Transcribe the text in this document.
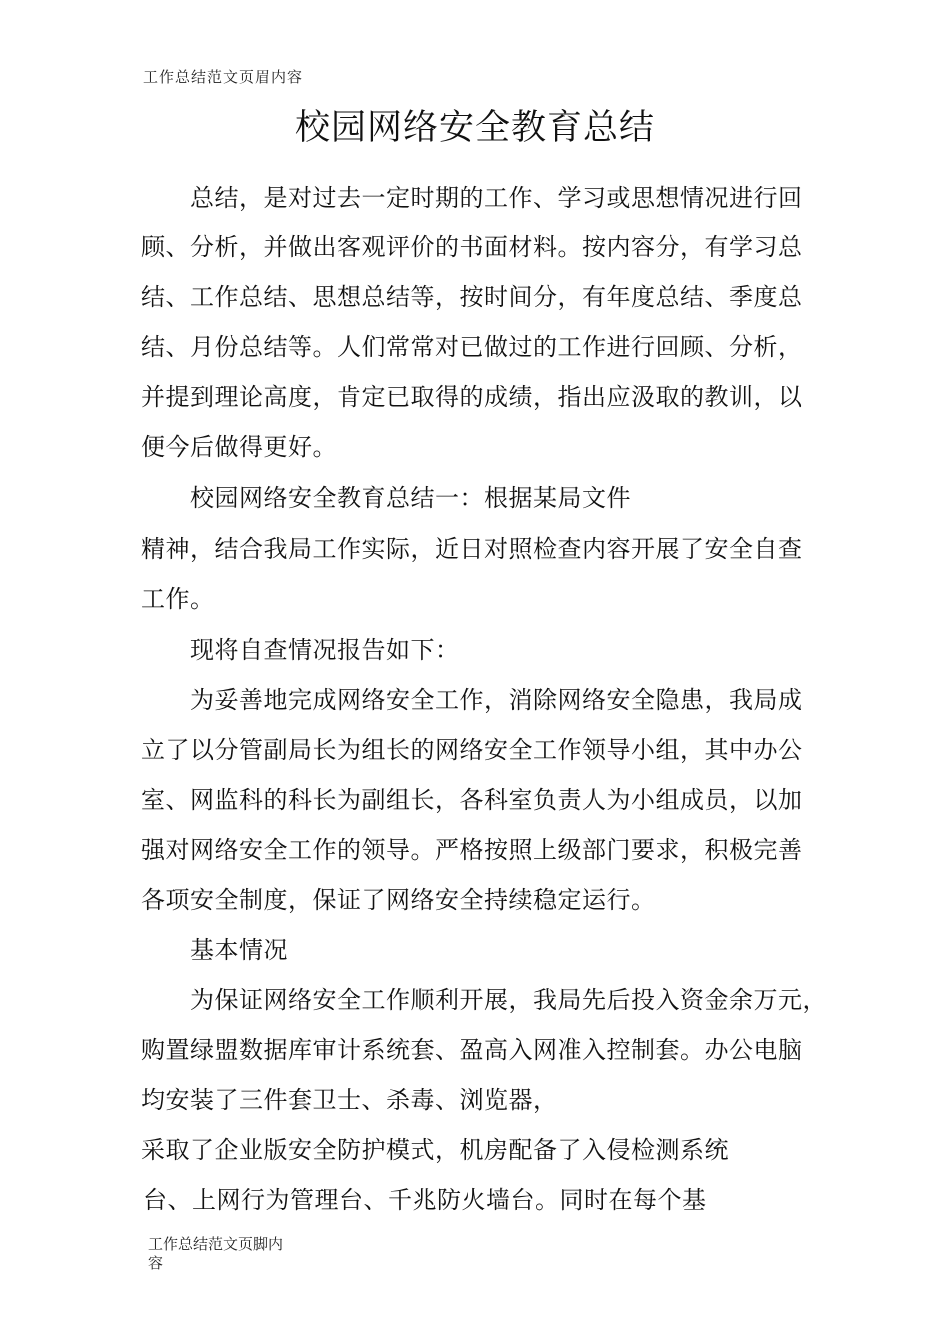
工作总结范文页眉内容
校园网络安全教育总结
　　总结，是对过去一定时期的工作、学习或思想情况进行回
顾、分析，并做出客观评价的书面材料。按内容分，有学习总
结、工作总结、思想总结等，按时间分，有年度总结、季度总
结、月份总结等。人们常常对已做过的工作进行回顾、分析，
并提到理论高度，肯定已取得的成绩，指出应汲取的教训，以
便今后做得更好。
　　校园网络安全教育总结一：根据某局文件
精神，结合我局工作实际，近日对照检查内容开展了安全自查
工作。
　　现将自查情况报告如下：
　　为妥善地完成网络安全工作，消除网络安全隐患，我局成
立了以分管副局长为组长的网络安全工作领导小组，其中办公
室、网监科的科长为副组长，各科室负责人为小组成员，以加
强对网络安全工作的领导。严格按照上级部门要求，积极完善
各项安全制度，保证了网络安全持续稳定运行。
　　基本情况
　　为保证网络安全工作顺利开展，我局先后投入资金余万元，
购置绿盟数据库审计系统套、盈高入网准入控制套。办公电脑
均安装了三件套卫士、杀毒、浏览器，
采取了企业版安全防护模式，机房配备了入侵检测系统
台、上网行为管理台、千兆防火墙台。同时在每个基
工作总结范文页脚内
容
